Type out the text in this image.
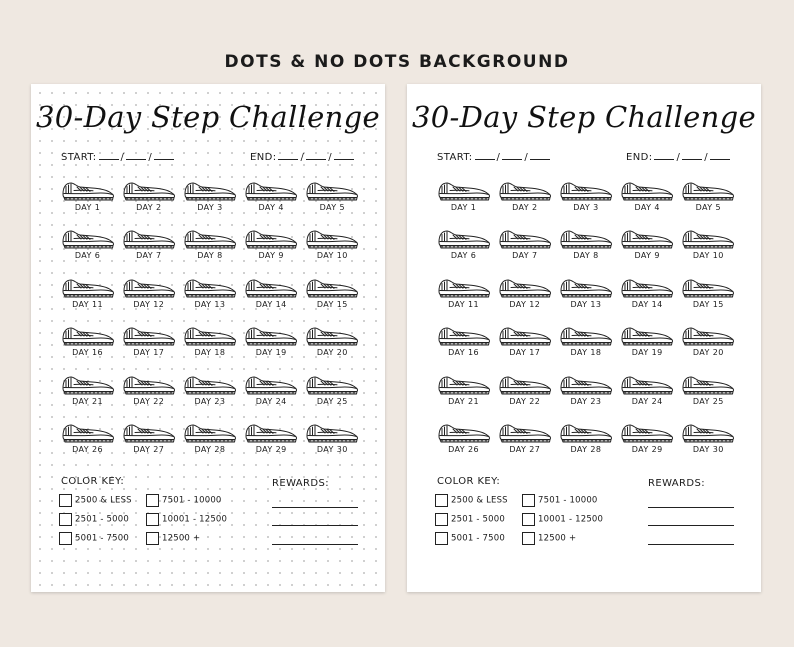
DOTS & NO DOTS BACKGROUND
30-Day Step Challenge
START: / /	END: / /
DAY 1	DAY 2	DAY 3	DAY 4	DAY 5
DAY 6	DAY 7	DAY 8	DAY 9	DAY 10
DAY 11	DAY 12	DAY 13	DAY 14	DAY 15
DAY 16	DAY 17	DAY 18	DAY 19	DAY 20
DAY 21	DAY 22	DAY 23	DAY 24	DAY 25
DAY 26	DAY 27	DAY 28	DAY 29	DAY 30
COLOR KEY:
2500 & LESS
2501 - 5000
5001 - 7500
7501 - 10000
10001 - 12500
12500 +
REWARDS:
30-Day Step Challenge
START: / /	END: / /
DAY 1	DAY 2	DAY 3	DAY 4	DAY 5
DAY 6	DAY 7	DAY 8	DAY 9	DAY 10
DAY 11	DAY 12	DAY 13	DAY 14	DAY 15
DAY 16	DAY 17	DAY 18	DAY 19	DAY 20
DAY 21	DAY 22	DAY 23	DAY 24	DAY 25
DAY 26	DAY 27	DAY 28	DAY 29	DAY 30
COLOR KEY:
2500 & LESS
2501 - 5000
5001 - 7500
7501 - 10000
10001 - 12500
12500 +
REWARDS:
